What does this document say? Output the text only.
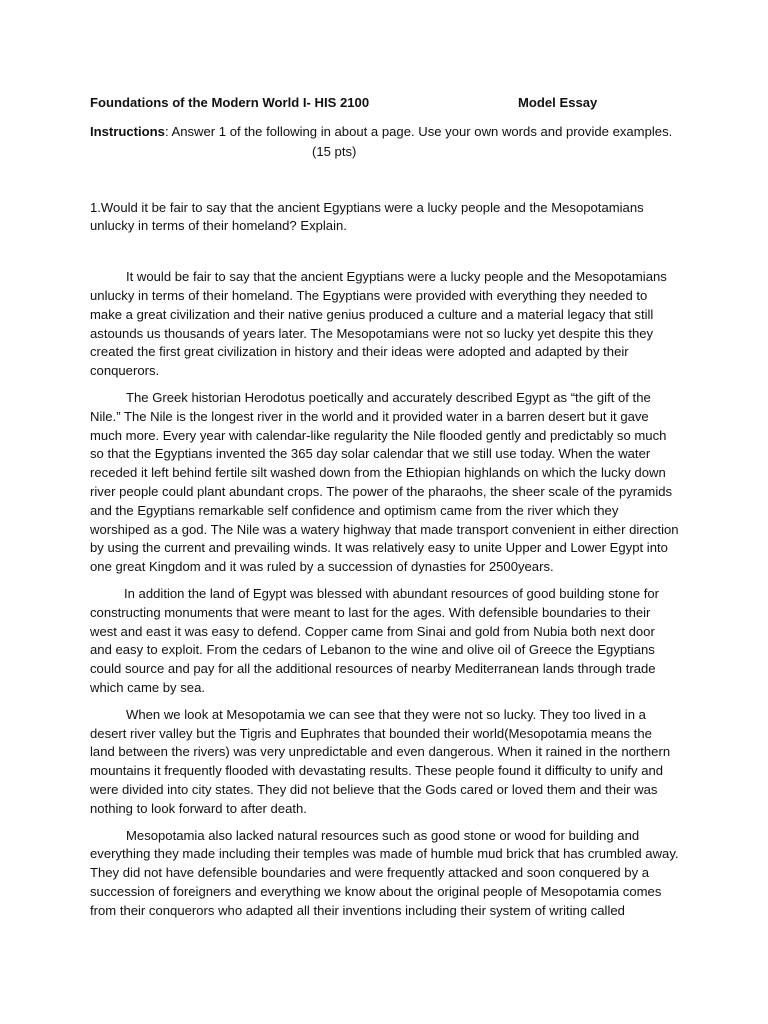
Foundations of the Modern World I- HIS 2100	Model Essay
Instructions: Answer 1 of the following in about a page. Use your own words and provide examples.
(15 pts)
1.Would it be fair to say that the ancient Egyptians were a lucky people and the Mesopotamians unlucky in terms of their homeland? Explain.

It would be fair to say that the ancient Egyptians were a lucky people and the Mesopotamians unlucky in terms of their homeland. The Egyptians were provided with everything they needed to make a great civilization and their native genius produced a culture and a material legacy that still astounds us thousands of years later. The Mesopotamians were not so lucky yet despite this they created the first great civilization in history and their ideas were adopted and adapted by their conquerors.

The Greek historian Herodotus poetically and accurately described Egypt as “the gift of the Nile.” The Nile is the longest river in the world and it provided water in a barren desert but it gave much more. Every year with calendar-like regularity the Nile flooded gently and predictably so much so that the Egyptians invented the 365 day solar calendar that we still use today. When the water receded it left behind fertile silt washed down from the Ethiopian highlands on which the lucky down river people could plant abundant crops. The power of the pharaohs, the sheer scale of the pyramids and the Egyptians remarkable self confidence and optimism came from the river which they worshiped as a god. The Nile was a watery highway that made transport convenient in either direction by using the current and prevailing winds. It was relatively easy to unite Upper and Lower Egypt into one great Kingdom and it was ruled by a succession of dynasties for 2500years.

In addition the land of Egypt was blessed with abundant resources of good building stone for constructing monuments that were meant to last for the ages. With defensible boundaries to their west and east it was easy to defend. Copper came from Sinai and gold from Nubia both next door and easy to exploit. From the cedars of Lebanon to the wine and olive oil of Greece the Egyptians could source and pay for all the additional resources of nearby Mediterranean lands through trade which came by sea.

When we look at Mesopotamia we can see that they were not so lucky. They too lived in a desert river valley but the Tigris and Euphrates that bounded their world(Mesopotamia means the land between the rivers) was very unpredictable and even dangerous. When it rained in the northern mountains it frequently flooded with devastating results. These people found it difficulty to unify and were divided into city states. They did not believe that the Gods cared or loved them and their was nothing to look forward to after death.

Mesopotamia also lacked natural resources such as good stone or wood for building and everything they made including their temples was made of humble mud brick that has crumbled away. They did not have defensible boundaries and were frequently attacked and soon conquered by a succession of foreigners and everything we know about the original people of Mesopotamia comes from their conquerors who adapted all their inventions including their system of writing called
